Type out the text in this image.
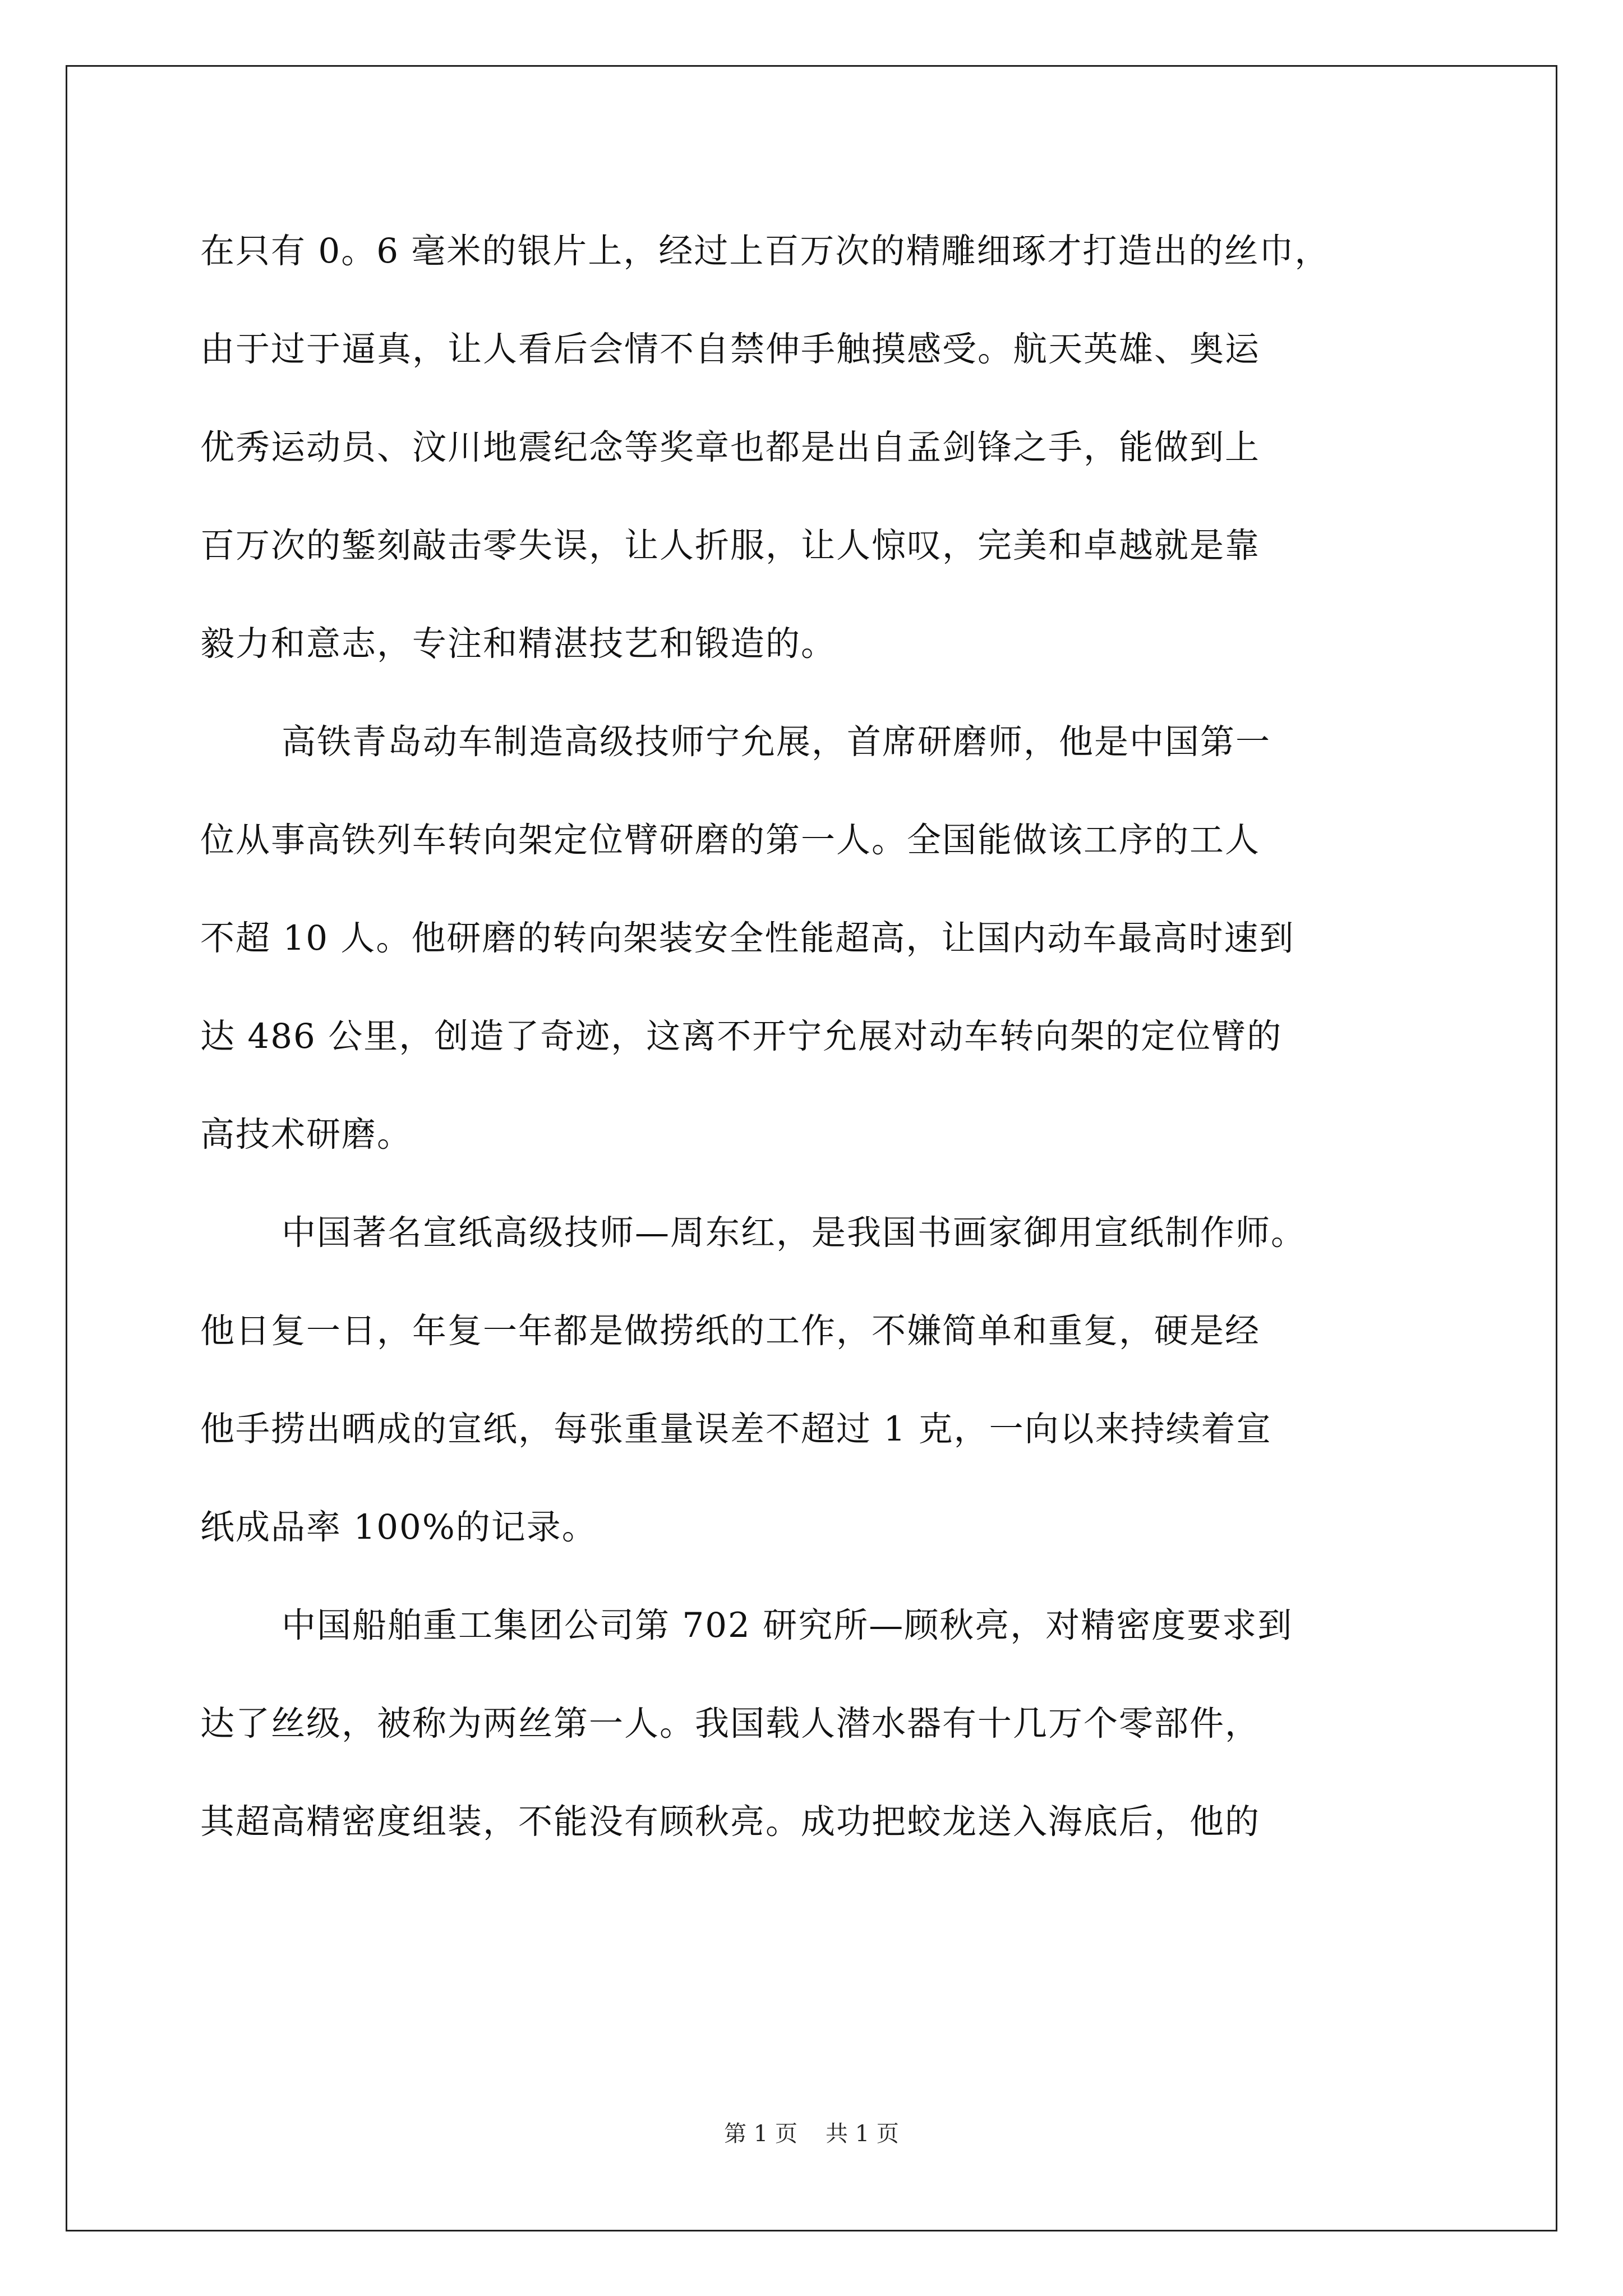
在只有 0。6 毫米的银片上，经过上百万次的精雕细琢才打造出的丝巾，
由于过于逼真，让人看后会情不自禁伸手触摸感受。航天英雄、奥运
优秀运动员、汶川地震纪念等奖章也都是出自孟剑锋之手，能做到上
百万次的錾刻敲击零失误，让人折服，让人惊叹，完美和卓越就是靠
毅力和意志，专注和精湛技艺和锻造的。

高铁青岛动车制造高级技师宁允展，首席研磨师，他是中国第一
位从事高铁列车转向架定位臂研磨的第一人。全国能做该工序的工人
不超 10 人。他研磨的转向架装安全性能超高，让国内动车最高时速到
达 486 公里，创造了奇迹，这离不开宁允展对动车转向架的定位臂的
高技术研磨。

中国著名宣纸高级技师—周东红，是我国书画家御用宣纸制作师。
他日复一日，年复一年都是做捞纸的工作，不嫌简单和重复，硬是经
他手捞出晒成的宣纸，每张重量误差不超过 1 克，一向以来持续着宣
纸成品率 100%的记录。

中国船舶重工集团公司第 702 研究所—顾秋亮，对精密度要求到
达了丝级，被称为两丝第一人。我国载人潜水器有十几万个零部件，
其超高精密度组装，不能没有顾秋亮。成功把蛟龙送入海底后，他的

第 1 页 共 1 页
